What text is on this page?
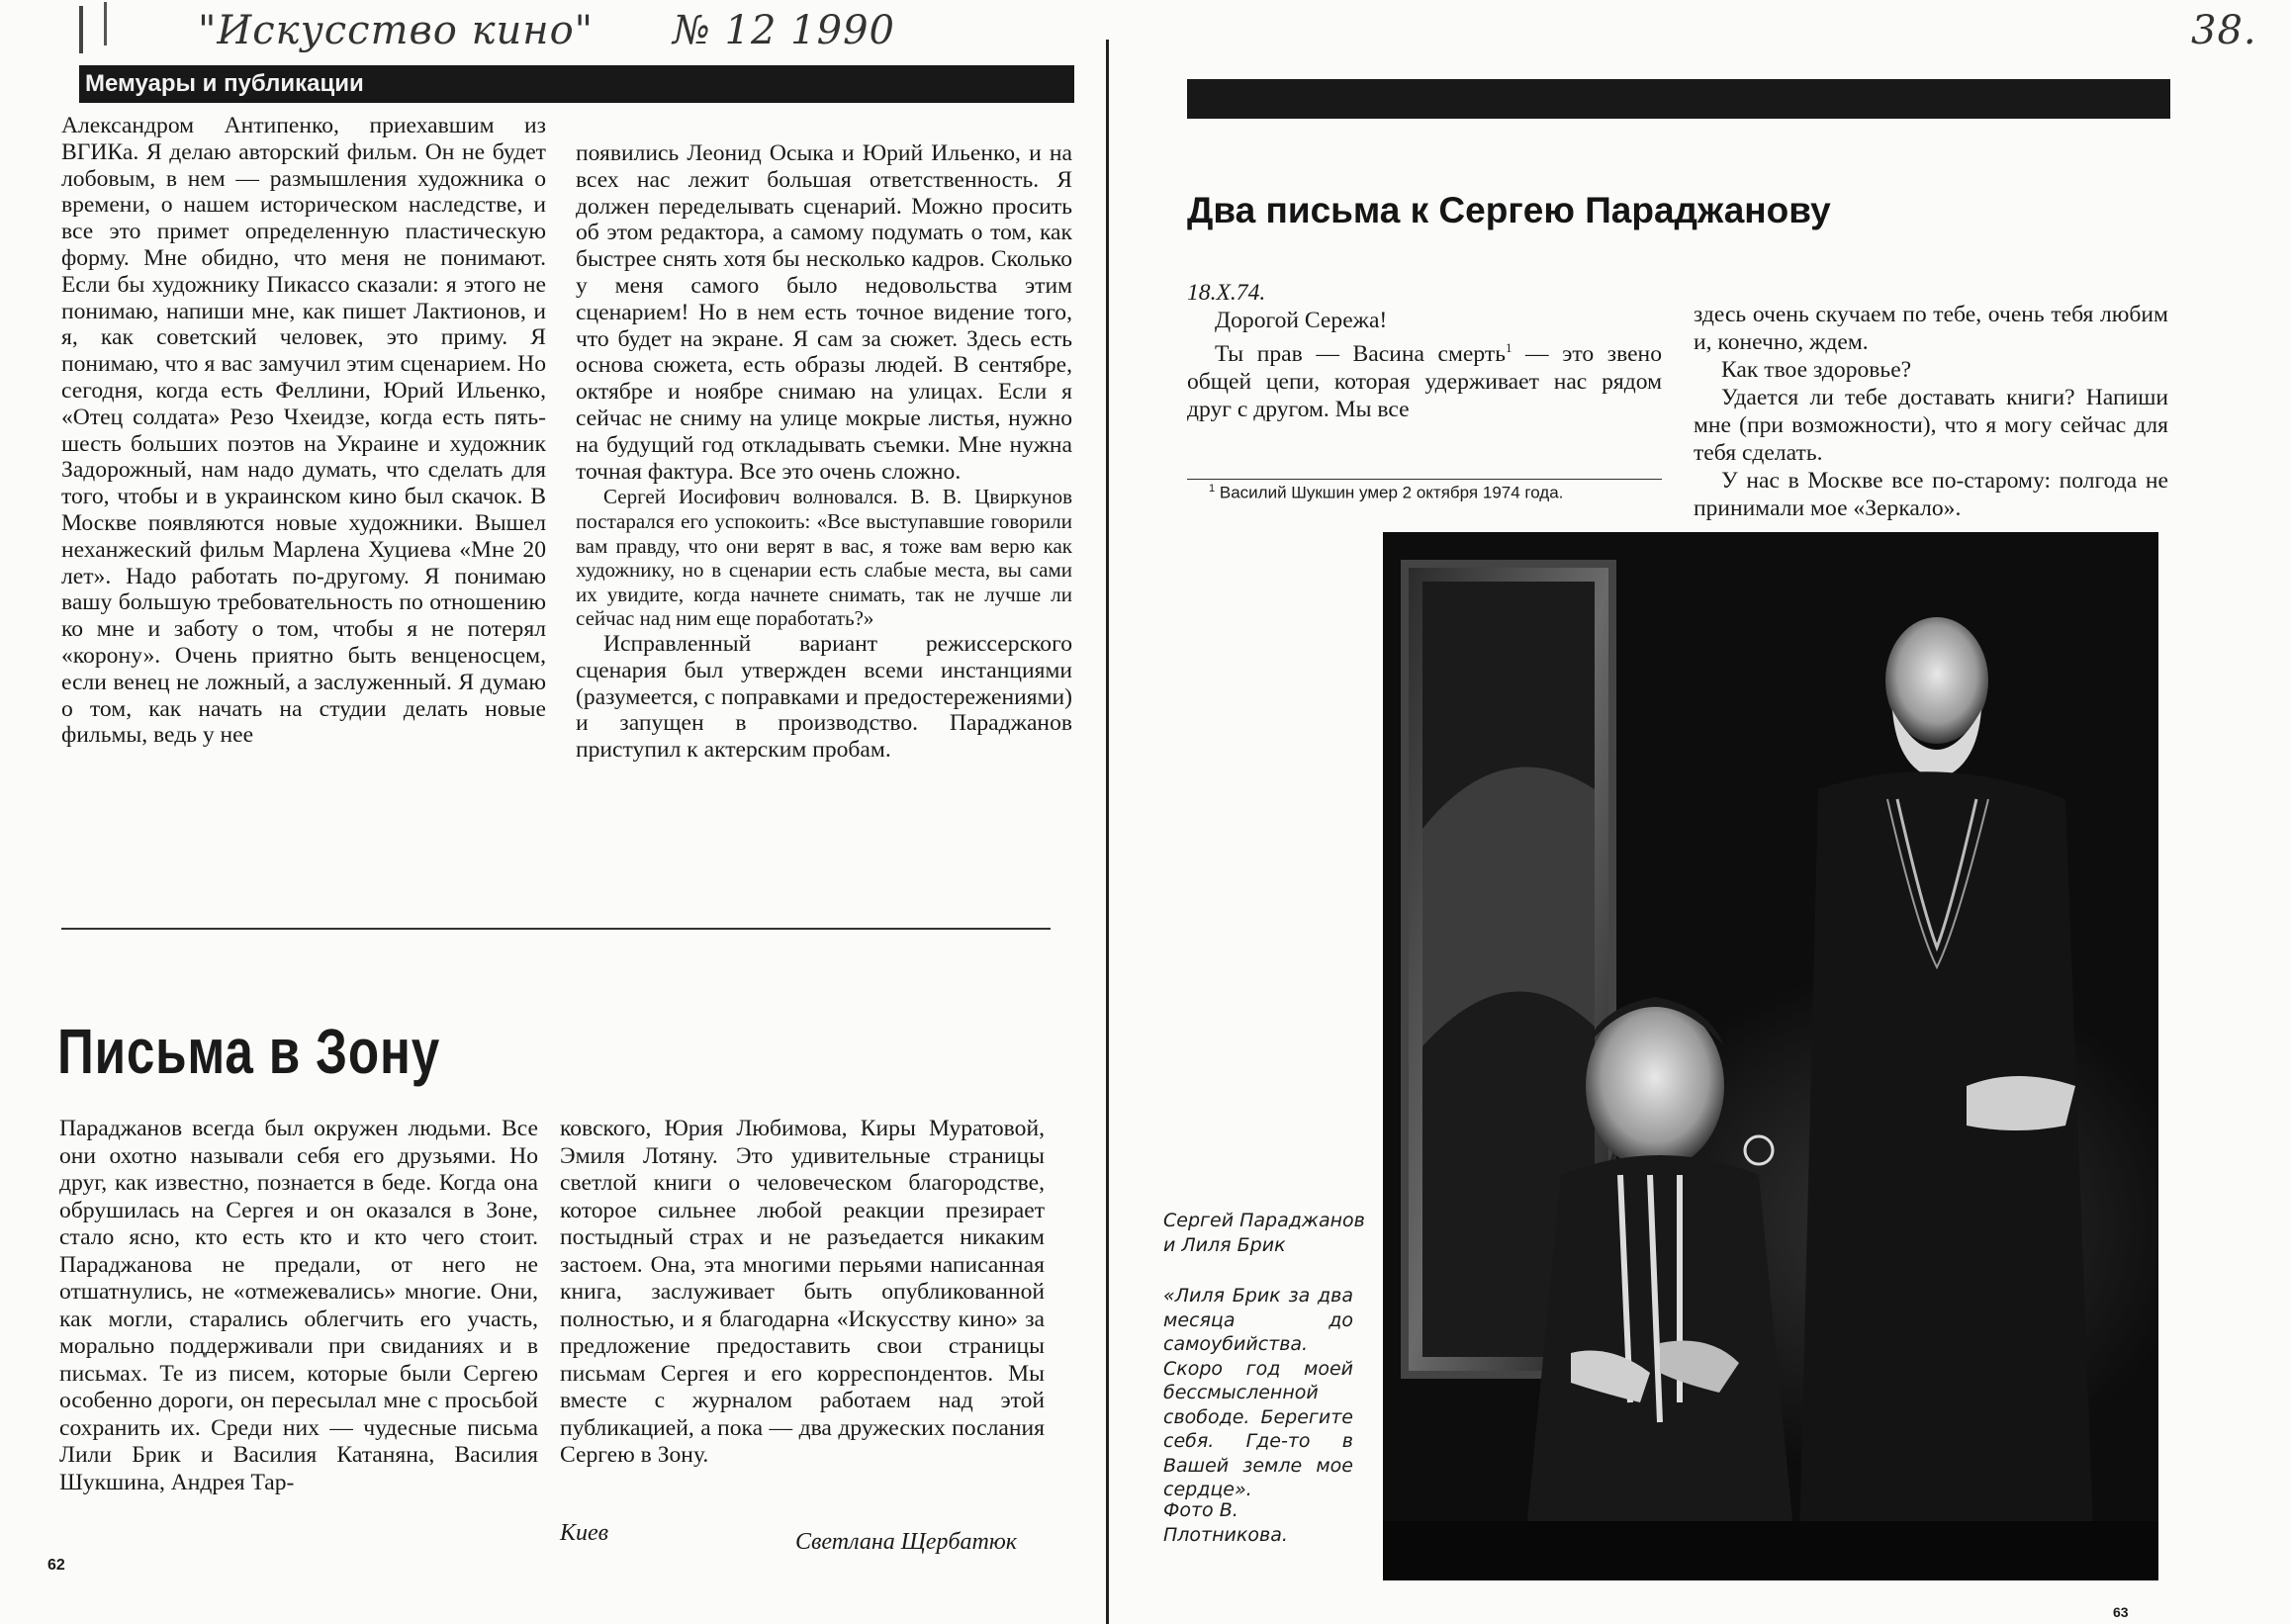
"Искусство кино" № 12 1990	38.
Мемуары и публикации

Александром Антипенко, приехавшим из ВГИКа. Я делаю авторский фильм. Он не будет лобовым, в нем — размышления художника о времени, о нашем историческом наследстве, и все это примет определенную пластическую форму. Мне обидно, что меня не понимают. Если бы художнику Пикассо сказали: я этого не понимаю, напиши мне, как пишет Лактионов, и я, как советский человек, это приму. Я понимаю, что я вас замучил этим сценарием. Но сегодня, когда есть Феллини, Юрий Ильенко, «Отец солдата» Резо Чхеидзе, когда есть пять-шесть больших поэтов на Украине и художник Задорожный, нам надо думать, что сделать для того, чтобы и в украинском кино был скачок. В Москве появляются новые художники. Вышел неханжеский фильм Марлена Хуциева «Мне 20 лет». Надо работать по-другому. Я понимаю вашу большую требовательность по отношению ко мне и заботу о том, чтобы я не потерял «корону». Очень приятно быть венценосцем, если венец не ложный, а заслуженный. Я думаю о том, как начать на студии делать новые фильмы, ведь у нее

появились Леонид Осыка и Юрий Ильенко, и на всех нас лежит большая ответственность. Я должен переделывать сценарий. Можно просить об этом редактора, а самому подумать о том, как быстрее снять хотя бы несколько кадров. Сколько у меня самого было недовольства этим сценарием! Но в нем есть точное видение того, что будет на экране. Я сам за сюжет. Здесь есть основа сюжета, есть образы людей. В сентябре, октябре и ноябре снимаю на улицах. Если я сейчас не сниму на улице мокрые листья, нужно на будущий год откладывать съемки. Мне нужна точная фактура. Все это очень сложно.

Сергей Иосифович волновался. В. В. Цвиркунов постарался его успокоить: «Все выступавшие говорили вам правду, что они верят в вас, я тоже вам верю как художнику, но в сценарии есть слабые места, вы сами их увидите, когда начнете снимать, так не лучше ли сейчас над ним еще поработать?»

Исправленный вариант режиссерского сценария был утвержден всеми инстанциями (разумеется, с поправками и предостережениями) и запущен в производство. Параджанов приступил к актерским пробам.

Письма в Зону

Параджанов всегда был окружен людьми. Все они охотно называли себя его друзьями. Но друг, как известно, познается в беде. Когда она обрушилась на Сергея и он оказался в Зоне, стало ясно, кто есть кто и кто чего стоит. Параджанова не предали, от него не отшатнулись, не «отмежевались» многие. Они, как могли, старались облегчить его участь, морально поддерживали при свиданиях и в письмах. Те из писем, которые были Сергею особенно дороги, он пересылал мне с просьбой сохранить их. Среди них — чудесные письма Лили Брик и Василия Катаняна, Василия Шукшина, Андрея Тар-

ковского, Юрия Любимова, Киры Муратовой, Эмиля Лотяну. Это удивительные страницы светлой книги о человеческом благородстве, которое сильнее любой реакции презирает постыдный страх и не разъедается никаким застоем. Она, эта многими перьями написанная книга, заслуживает быть опубликованной полностью, и я благодарна «Искусству кино» за предложение предоставить свои страницы письмам Сергея и его корреспондентов. Мы вместе с журналом работаем над этой публикацией, а пока — два дружеских послания Сергею в Зону.

Киев	Светлана Щербатюк
62
Два письма к Сергею Параджанову

18.X.74.

Дорогой Сережа!

Ты прав — Васина смерть$^1$ — это звено общей цепи, которая удерживает нас рядом друг с другом. Мы все

здесь очень скучаем по тебе, очень тебя любим и, конечно, ждем.

Как твое здоровье?

Удается ли тебе доставать книги? Напиши мне (при возможности), что я могу сейчас для тебя сделать.

У нас в Москве все по-старому: полгода не принимали мое «Зеркало».

$^1$ Василий Шукшин умер 2 октября 1974 года.
Сергей Параджанов и Лиля Брик
«Лиля Брик за два месяца до самоубийства. Скоро год моей бессмысленной свободе. Берегите себя. Где-то в Вашей земле мое сердце».
Фото В. Плотникова.
63
